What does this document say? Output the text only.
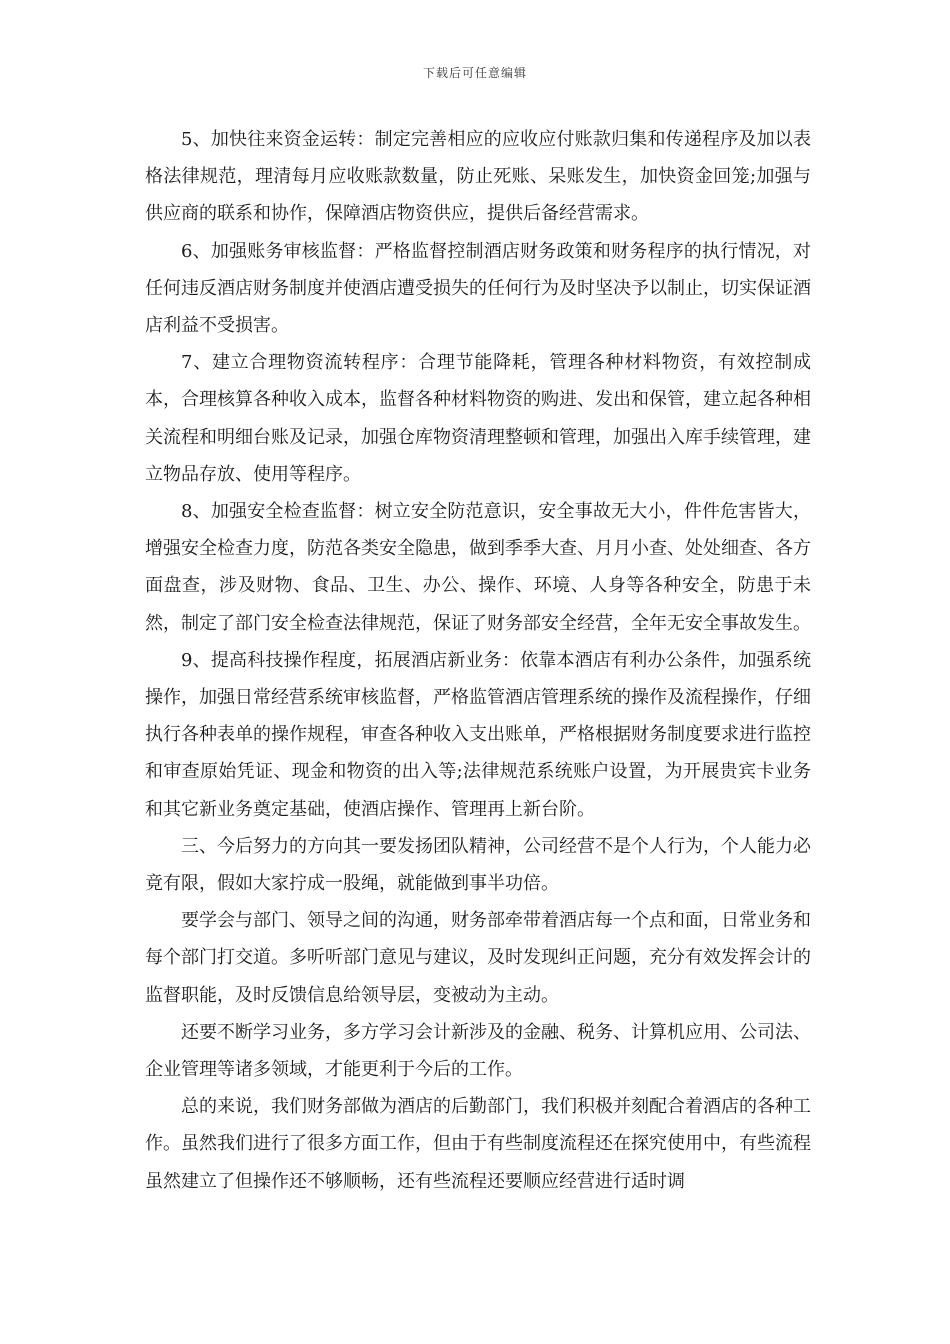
下载后可任意编辑

5、加快往来资金运转：制定完善相应的应收应付账款归集和传递程序及加以表格法律规范，理清每月应收账款数量，防止死账、呆账发生，加快资金回笼;加强与供应商的联系和协作，保障酒店物资供应，提供后备经营需求。

6、加强账务审核监督：严格监督控制酒店财务政策和财务程序的执行情况，对任何违反酒店财务制度并使酒店遭受损失的任何行为及时坚决予以制止，切实保证酒店利益不受损害。

7、建立合理物资流转程序：合理节能降耗，管理各种材料物资，有效控制成本，合理核算各种收入成本，监督各种材料物资的购进、发出和保管，建立起各种相关流程和明细台账及记录，加强仓库物资清理整顿和管理，加强出入库手续管理，建立物品存放、使用等程序。

8、加强安全检查监督：树立安全防范意识，安全事故无大小，件件危害皆大，增强安全检查力度，防范各类安全隐患，做到季季大查、月月小查、处处细查、各方面盘查，涉及财物、食品、卫生、办公、操作、环境、人身等各种安全，防患于未然，制定了部门安全检查法律规范，保证了财务部安全经营，全年无安全事故发生。

9、提高科技操作程度，拓展酒店新业务：依靠本酒店有利办公条件，加强系统操作，加强日常经营系统审核监督，严格监管酒店管理系统的操作及流程操作，仔细执行各种表单的操作规程，审查各种收入支出账单，严格根据财务制度要求进行监控和审查原始凭证、现金和物资的出入等;法律规范系统账户设置，为开展贵宾卡业务和其它新业务奠定基础，使酒店操作、管理再上新台阶。

三、今后努力的方向其一要发扬团队精神，公司经营不是个人行为，个人能力必竟有限，假如大家拧成一股绳，就能做到事半功倍。

要学会与部门、领导之间的沟通，财务部牵带着酒店每一个点和面，日常业务和每个部门打交道。多听听部门意见与建议，及时发现纠正问题，充分有效发挥会计的监督职能，及时反馈信息给领导层，变被动为主动。

还要不断学习业务，多方学习会计新涉及的金融、税务、计算机应用、公司法、企业管理等诸多领域，才能更利于今后的工作。

总的来说，我们财务部做为酒店的后勤部门，我们积极并刻配合着酒店的各种工作。虽然我们进行了很多方面工作，但由于有些制度流程还在探究使用中，有些流程虽然建立了但操作还不够顺畅，还有些流程还要顺应经营进行适时调
